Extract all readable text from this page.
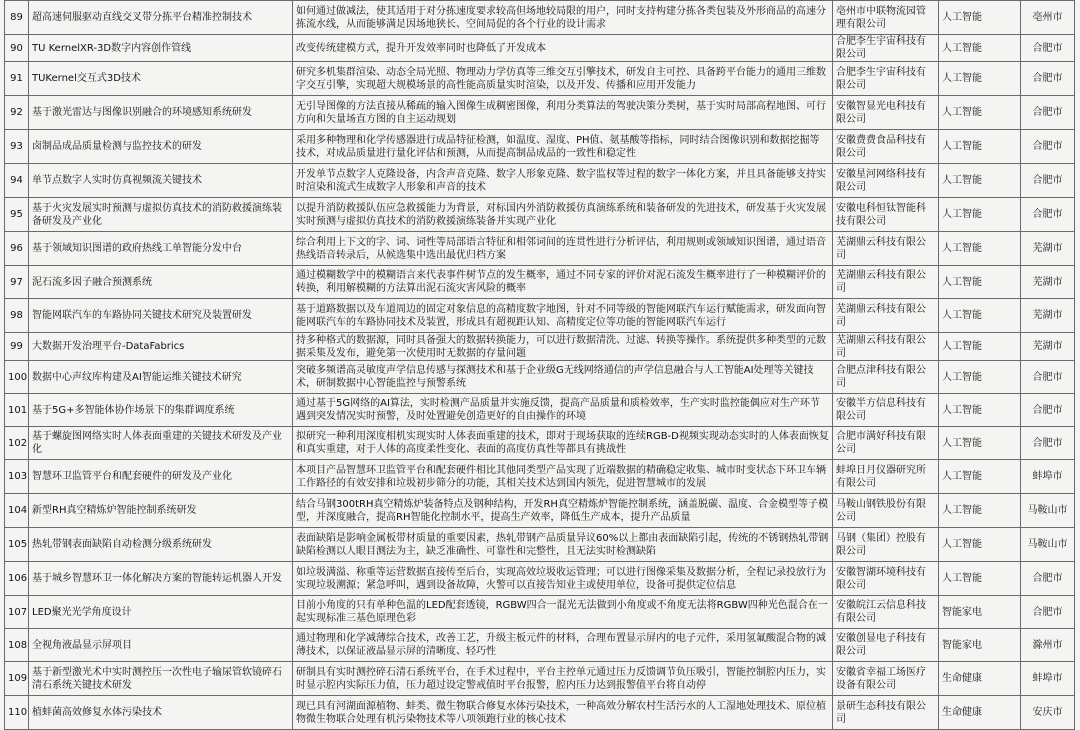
89	超高速伺服驱动直线交叉带分拣平台精准控制技术	如何通过做减法，使其适用于对分拣速度要求较高但场地较局限的用户，同时支持构建分拣各类包装及外形商品的高速分拣流水线，从而能够满足因场地狭长、空间局促的各个行业的设计需求	亳州市中联物流园管理有限公司	人工智能	亳州市
90	TU KernelXR-3D数字内容创作管线	改变传统建模方式，提升开发效率同时也降低了开发成本	合肥李生宇宙科技有限公司	人工智能	合肥市
91	TUKernel交互式3D技术	研究多机集群渲染、动态全局光照、物理动力学仿真等三维交互引擎技术，研发自主可控、具备跨平台能力的通用三维数字交互引擎，实现超大规模场景的高性能高质量实时渲染，以及开发、传播和应用开发能力	合肥李生宇宙科技有限公司	人工智能	合肥市
92	基于激光雷达与图像识别融合的环境感知系统研发	无引导图像的方法直接从稀疏的输入图像生成稠密图像，利用分类算法的驾驶决策分类树，基于实时局部高程地图、可行方向和矢量场直方图的自主运动规划	安徽智显光电科技有限公司	人工智能	合肥市
93	卤制品成品质量检测与监控技术的研发	采用多种物理和化学传感器进行成品特征检测，如温度、湿度、PH值、氨基酸等指标，同时结合图像识别和数据挖掘等技术，对成品质量进行量化评估和预测，从而提高制品成品的一致性和稳定性	安徽费费食品科技有限公司	人工智能	合肥市
94	单节点数字人实时仿真视频流关键技术	开发单节点数字人克隆设备，内含声音克隆、数字人形象克隆、数字监权等过程的数字一体化方案，并且具备能够支持实时渲染和流式生成数字人形象和声音的技术	安徽星河网络科技有限公司	人工智能	合肥市
95	基于火灾发展实时预测与虚拟仿真技术的消防救援演练装备研发及产业化	以提升消防救援队伍应急救援能力为背景，对标国内外消防救援仿真演练系统和装备研发的先进技术，研发基于火灾发展实时预测与虚拟仿真技术的消防救援演练装备并实现产业化	安徽电科恒钛智能科技有限公司	人工智能	合肥市
96	基于领域知识图谱的政府热线工单智能分发中台	综合利用上下文的字、词、词性等局部语言特征和相邻词间的连贯性进行分析评估，利用规则或领域知识图谱，通过语音热线语音转录后，从候选集中选出最优归档方案	芜湖鼎云科技有限公司	人工智能	芜湖市
97	泥石流多因子融合预测系统	通过模糊数学中的模糊语言来代表事件树节点的发生概率，通过不同专家的评价对泥石流发生概率进行了一种模糊评价的转换，利用解模糊的方法算出泥石流灾害风险的概率	芜湖鼎云科技有限公司	人工智能	芜湖市
98	智能网联汽车的车路协同关键技术研究及装置研发	基于道路数据以及车道周边的固定对象信息的高精度数字地图，针对不同等级的智能网联汽车运行赋能需求，研发面向智能网联汽车的车路协同技术及装置，形成具有超视距认知、高精度定位等功能的智能网联汽车运行	芜湖鼎云科技有限公司	人工智能	芜湖市
99	大数据开发治理平台-DataFabrics	持多种格式的数据源，同时具备强大的数据转换能力，可以进行数据清洗、过滤、转换等操作。系统提供多种类型的元数据采集及发布，避免第一次使用时无数据的存量问题	芜湖鼎云科技有限公司	人工智能	芜湖市
100	数据中心声纹库构建及AI智能运维关键技术研究	突破多频谱高灵敏度声学信息传感与探测技术和基于企业级G无线网络通信的声学信息融合与人工智能AI处理等关键技术，研制数据中心智能监控与预警系统	合肥点津科技有限公司	人工智能	合肥市
101	基于5G+多智能体协作场景下的集群调度系统	通过基于5G网络的AI算法，实时检测产品质量并实施反馈，提高产品质量和质检效率，生产实时监控能偶应对生产环节遇到突发情况实时预警，及时处置避免创造更好的自由操作的环境	安徽半方信息科技有限公司	人工智能	合肥市
102	基于螺旋图网络实时人体表面重建的关键技术研发及产业化	拟研究一种利用深度相机实现实时人体表面重建的技术，即对于现场获取的连续RGB-D视频实现动态实时的人体表面恢复和真实重建，对于人体的高度柔性变化、表面的高度仿真性等都具有挑战性	合肥市满好科技有限公司	人工智能	合肥市
103	智慧环卫监管平台和配套硬件的研发及产业化	本项目产品智慧环卫监管平台和配套硬件相比其他同类型产品实现了近端数据的精确稳定收集、城市时变状态下环卫车辆工作路径的有效安排和垃圾初步筛分的功能，其相关技术达到国内领先，促进智慧城市的发展	蚌埠日月仪器研究所有限公司	人工智能	蚌埠市
104	新型RH真空精炼炉智能控制系统研发	结合马钢300tRH真空精炼炉装备特点及钢种结构，开发RH真空精炼炉智能控制系统，涵盖脱碳、温度、合金模型等子模型，并深度融合，提高RH智能化控制水平，提高生产效率，降低生产成本，提升产品质量	马鞍山钢铁股份有限公司	人工智能	马鞍山市
105	热轧带钢表面缺陷自动检测分级系统研发	表面缺陷是影响金属板带材质量的重要因素，热轧带钢产品质量异议60%以上都由表面缺陷引起，传统的不锈钢热轧带钢缺陷检测以人眼目测法为主，缺乏准确性、可靠性和完整性，且无法实时检测缺陷	马钢（集团）控股有限公司	人工智能	马鞍山市
106	基于城乡智慧环卫一体化解决方案的智能转运机器人开发	如垃圾满溢、称重等运营数据直接传至后台，实现高效垃圾收运管理；可以进行图像采集及数据分析，全程记录投放行为实现垃圾溯源；紧急呼叫，遇到设备故障，火警可以直接告知业主或使用单位，设备可提供定位信息	安徽智湖环境科技有限公司	人工智能	合肥市
107	LED聚光光学角度设计	目前小角度的只有单种色温的LED配套透镜，RGBW四合一混光无法做到小角度或不角度无法将RGBW四种光色混合在一起实现标准三基色原理色彩	安徽皖江云信息科技有限公司	智能家电	合肥市
108	全视角液晶显示屏项目	通过物理和化学减薄综合技术，改善工艺，升级主板元件的材料，合理布置显示屏内的电子元件，采用氢氟酸混合物的减薄技术，以保证液晶显示屏的清晰度、轻巧性	安徽创显电子科技有限公司	智能家电	滁州市
109	基于新型激光术中实时测控压一次性电子输尿管软镜碎石清石系统关键技术研发	研制具有实时测控碎石清石系统平台，在手术过程中，平台主控单元通过压力反馈调节负压吸引，智能控制腔内压力，实时显示腔内实际压力值，压力超过设定警戒值时平台报警，腔内压力达到报警值平台将自动停	安徽省幸福工场医疗设备有限公司	生命健康	蚌埠市
110	植蚌菌高效修复水体污染技术	现已具有河湖面源植物、蚌类、微生物联合修复水体污染技术，一种高效分解农村生活污水的人工湿地处理技术、原位植物微生物联合处理有机污染物技术等八项领跑行业的核心技术	景研生态科技有限公司	生命健康	安庆市
